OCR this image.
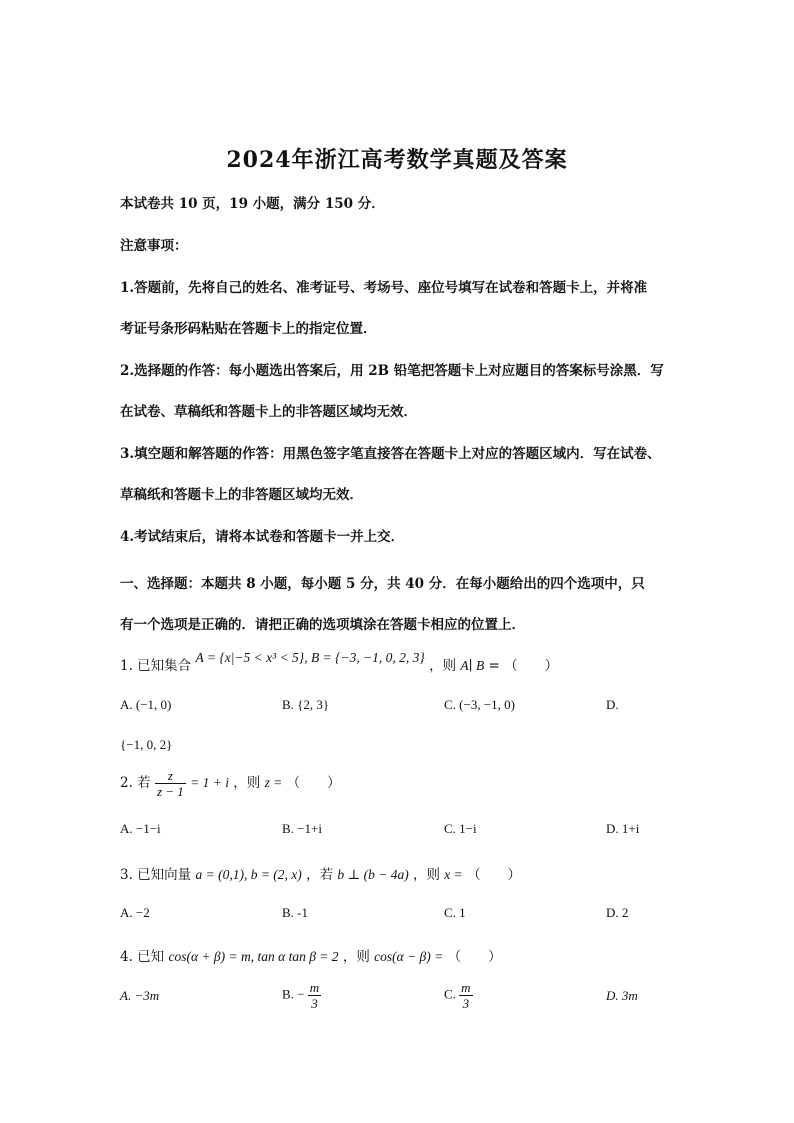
2024年浙江高考数学真题及答案
本试卷共 10 页，19 小题，满分 150 分．
注意事项：
1.答题前，先将自己的姓名、准考证号、考场号、座位号填写在试卷和答题卡上，并将准
考证号条形码粘贴在答题卡上的指定位置．
2.选择题的作答：每小题选出答案后，用 2B 铅笔把答题卡上对应题目的答案标号涂黑．写
在试卷、草稿纸和答题卡上的非答题区域均无效．
3.填空题和解答题的作答：用黑色签字笔直接答在答题卡上对应的答题区域内．写在试卷、
草稿纸和答题卡上的非答题区域均无效．
4.考试结束后，请将本试卷和答题卡一并上交．
一、选择题：本题共 8 小题，每小题 5 分，共 40 分．在每小题给出的四个选项中，只
有一个选项是正确的．请把正确的选项填涂在答题卡相应的位置上．
1. 已知集合 A = {x|−5 < x³ < 5}, B = {−3, −1, 0, 2, 3} ，则 A∣ B = （　　）
A. (−1, 0)	B. {2, 3}	C. (−3, −1, 0)	D.
{−1, 0, 2}
2. 若 $\frac{z}{z - 1} = 1 + i$ ，则 z = （　　）
A. −1−i	B. −1+i	C. 1−i	D. 1+i
3. 已知向量 a = (0,1), b = (2, x) ，若 b ⊥ (b − 4a) ，则 x = （　　）
A. −2	B. -1	C. 1	D. 2
4. 已知 cos(α + β) = m, tan α tan β = 2 ，则 cos(α − β) = （　　）
A. −3m	B. − $\frac{m}{3}$	C. $\frac{m}{3}$	D. 3m
